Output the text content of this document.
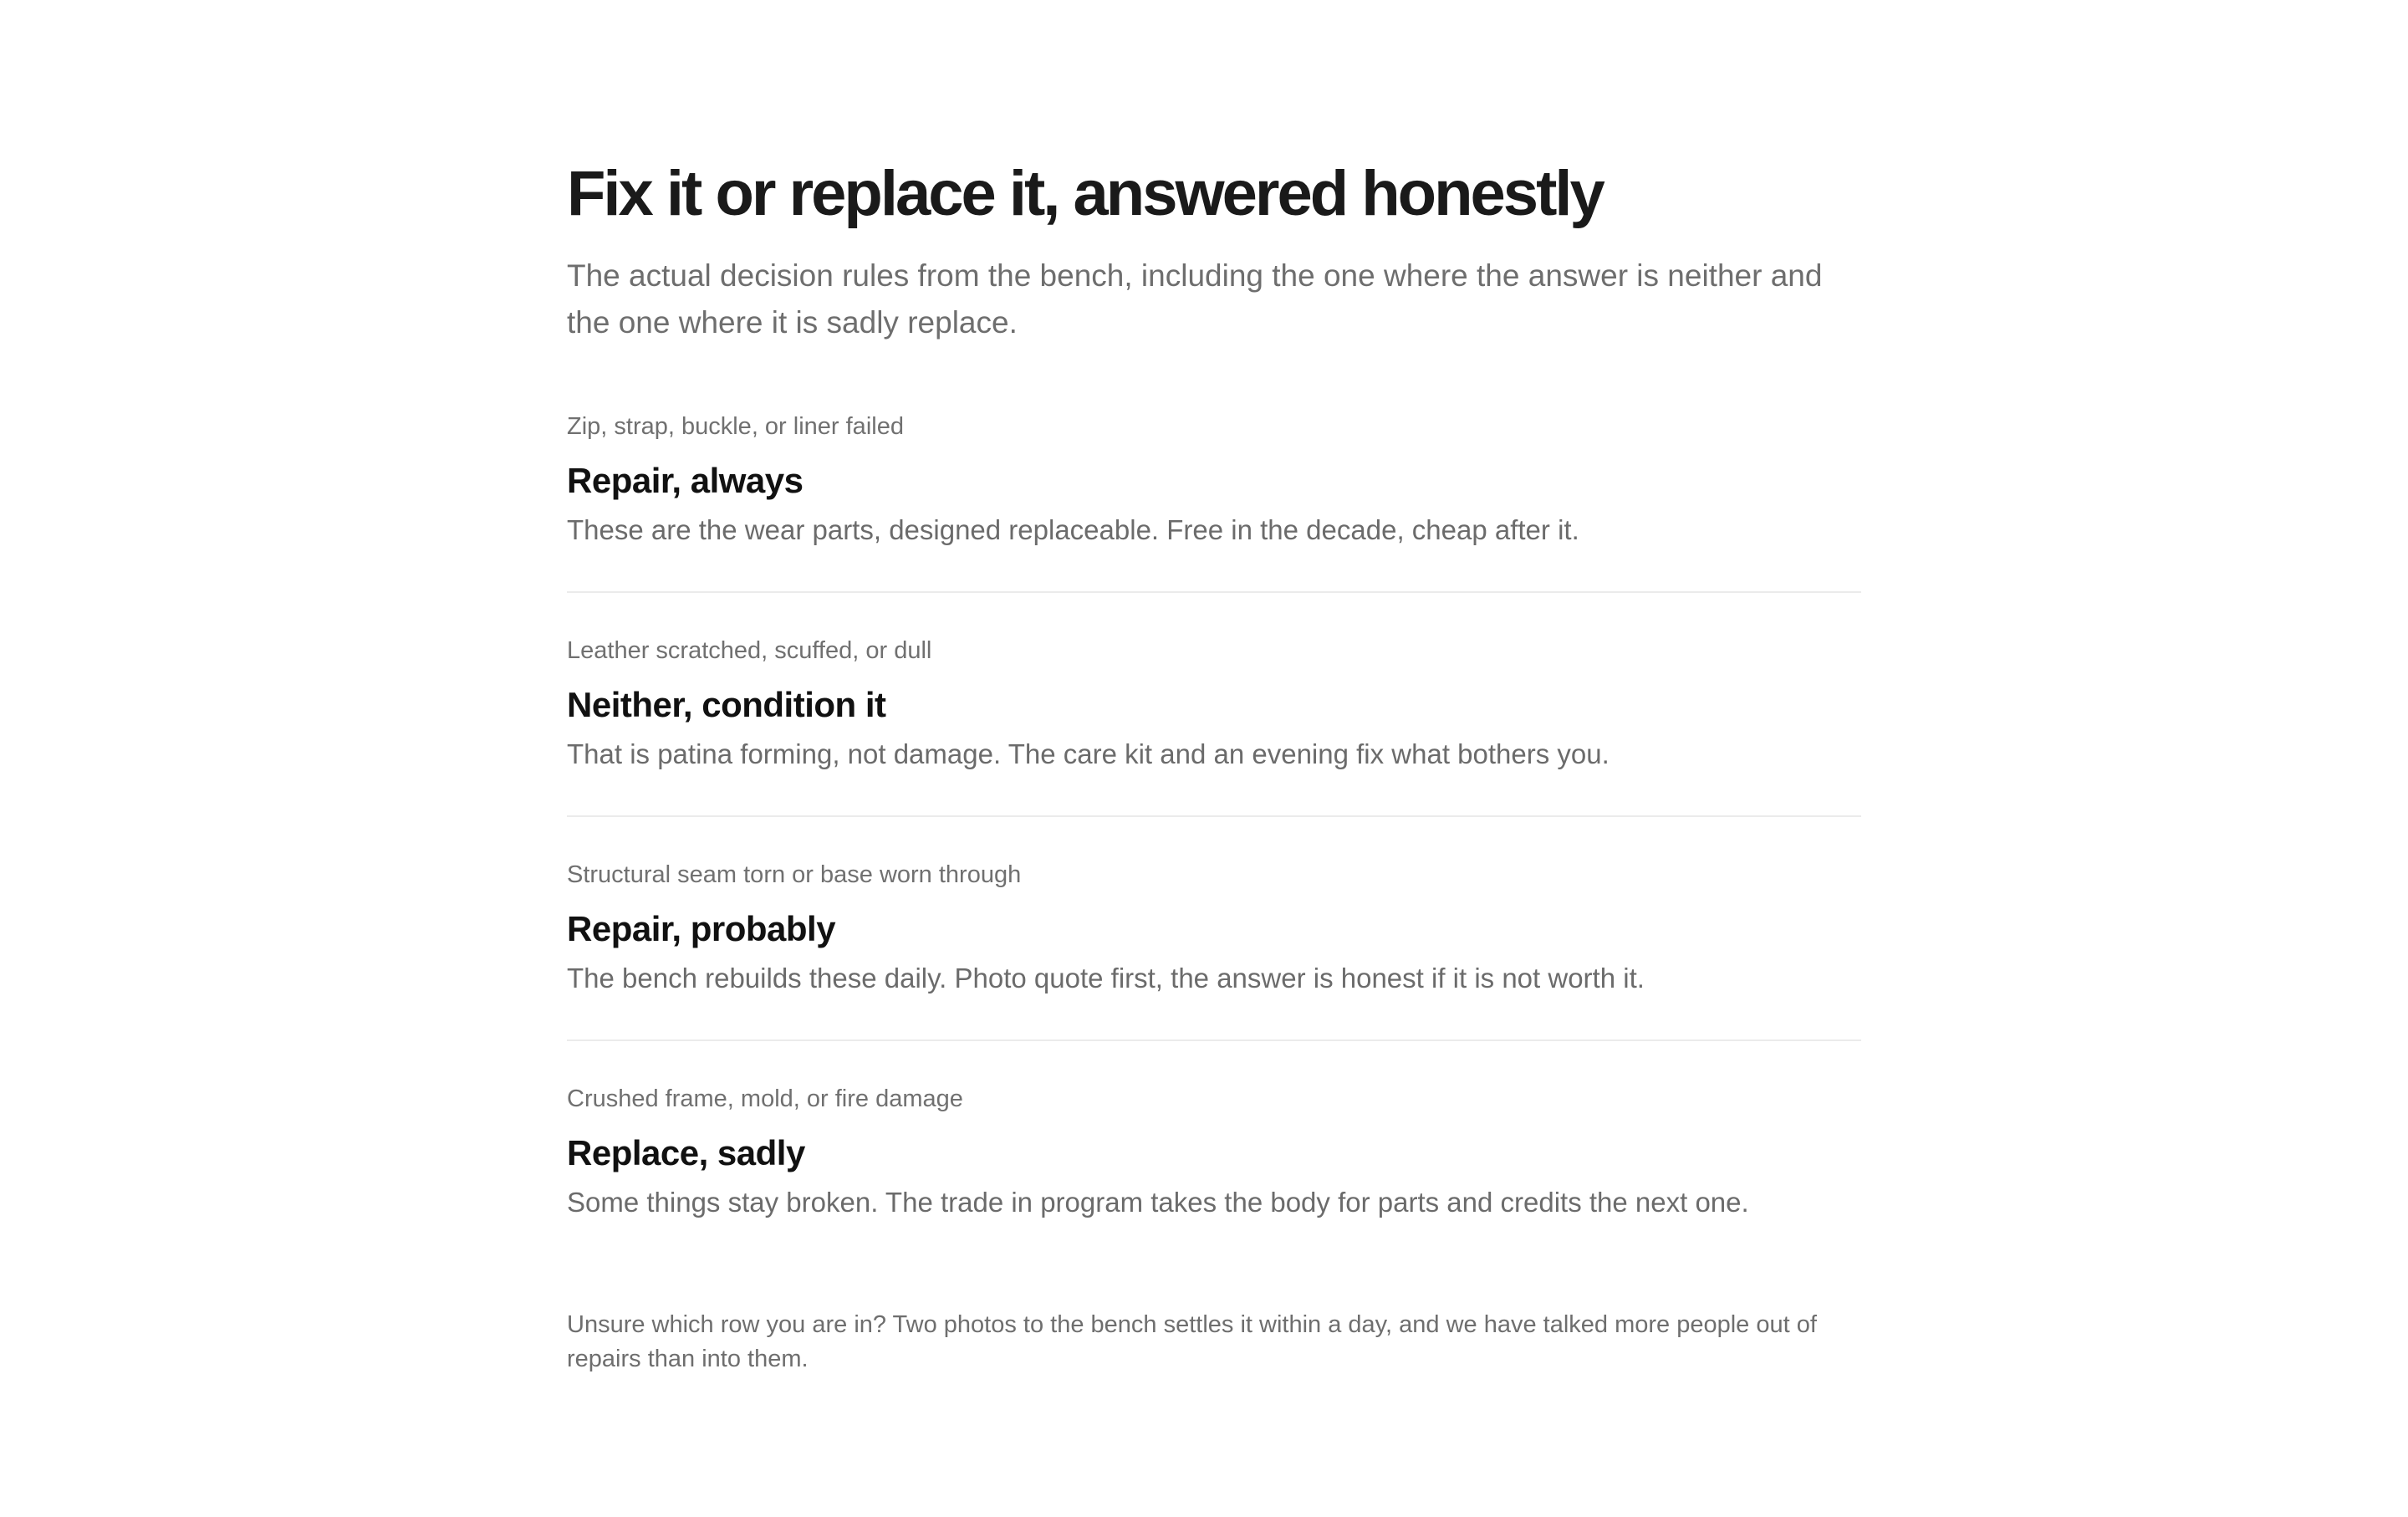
Fix it or replace it, answered honestly

The actual decision rules from the bench, including the one where the answer is neither and the one where it is sadly replace.

Zip, strap, buckle, or liner failed
Repair, always
These are the wear parts, designed replaceable. Free in the decade, cheap after it.
Leather scratched, scuffed, or dull
Neither, condition it
That is patina forming, not damage. The care kit and an evening fix what bothers you.
Structural seam torn or base worn through
Repair, probably
The bench rebuilds these daily. Photo quote first, the answer is honest if it is not worth it.
Crushed frame, mold, or fire damage
Replace, sadly
Some things stay broken. The trade in program takes the body for parts and credits the next one.

Unsure which row you are in? Two photos to the bench settles it within a day, and we have talked more people out of repairs than into them.
